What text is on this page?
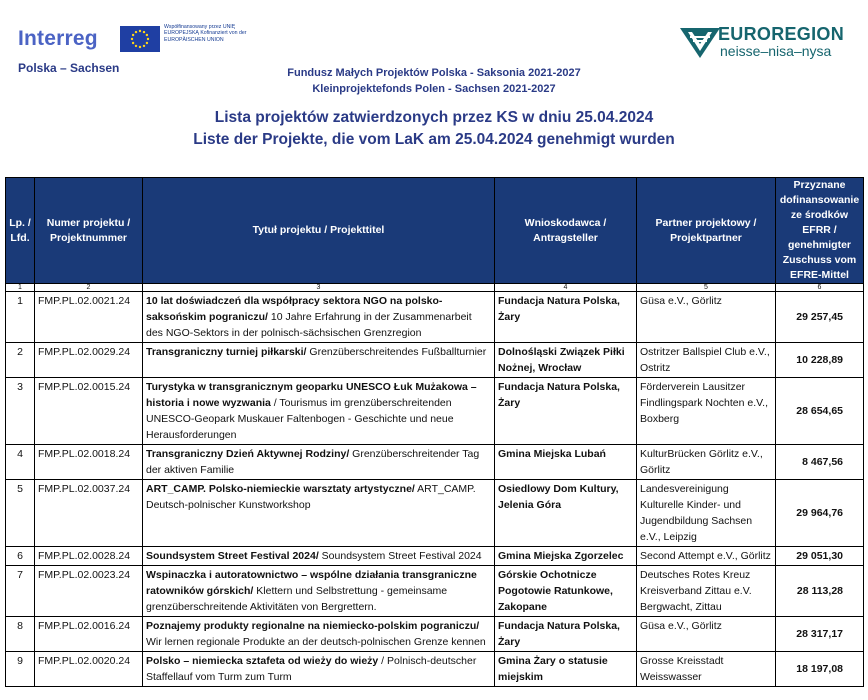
Interreg	Współfinansowany przez UNIĘ EUROPEJSKĄ Kofinanziert von der EUROPÄISCHEN UNION
Polska – Sachsen
EUROREGION
neisse–nisa–nysa
Fundusz Małych Projektów Polska - Saksonia 2021-2027
Kleinprojektefonds Polen - Sachsen 2021-2027
Lista projektów zatwierdzonych przez KS w dniu 25.04.2024
Liste der Projekte, die vom LaK am 25.04.2024 genehmigt wurden
Lp. / Lfd.	Numer projektu / Projektnummer	Tytuł projektu / Projekttitel	Wnioskodawca / Antragsteller	Partner projektowy / Projektpartner	Przyznane dofinansowanie ze środków EFRR / genehmigter Zuschuss vom EFRE-Mittel
1	2	3	4	5	6
1	FMP.PL.02.0021.24	10 lat doświadczeń dla współpracy sektora NGO na polsko-saksońskim pograniczu/ 10 Jahre Erfahrung in der Zusammenarbeit des NGO-Sektors in der polnisch-sächsischen Grenzregion	Fundacja Natura Polska, Żary	Güsa e.V., Görlitz	29 257,45
2	FMP.PL.02.0029.24	Transgraniczny turniej piłkarski/ Grenzüberschreitendes Fußballturnier	Dolnośląski Związek Piłki Nożnej, Wrocław	Ostritzer Ballspiel Club e.V., Ostritz	10 228,89
3	FMP.PL.02.0015.24	Turystyka w transgranicznym geoparku UNESCO Łuk Mużakowa – historia i nowe wyzwania / Tourismus im grenzüberschreitenden UNESCO-Geopark Muskauer Faltenbogen - Geschichte und neue Herausforderungen	Fundacja Natura Polska, Żary	Förderverein Lausitzer Findlingspark Nochten e.V., Boxberg	28 654,65
4	FMP.PL.02.0018.24	Transgraniczny Dzień Aktywnej Rodziny/ Grenzüberschreitender Tag der aktiven Familie	Gmina Miejska Lubań	KulturBrücken Görlitz e.V., Görlitz	8 467,56
5	FMP.PL.02.0037.24	ART_CAMP. Polsko-niemieckie warsztaty artystyczne/ ART_CAMP. Deutsch-polnischer Kunstworkshop	Osiedlowy Dom Kultury, Jelenia Góra	Landesvereinigung Kulturelle Kinder- und Jugendbildung Sachsen e.V., Leipzig	29 964,76
6	FMP.PL.02.0028.24	Soundsystem Street Festival 2024/ Soundsystem Street Festival 2024	Gmina Miejska Zgorzelec	Second Attempt e.V., Görlitz	29 051,30
7	FMP.PL.02.0023.24	Wspinaczka i autoratownictwo – wspólne działania transgraniczne ratowników górskich/ Klettern und Selbstrettung - gemeinsame grenzüberschreitende Aktivitäten von Bergrettern.	Górskie Ochotnicze Pogotowie Ratunkowe, Zakopane	Deutsches Rotes Kreuz Kreisverband Zittau e.V. Bergwacht, Zittau	28 113,28
8	FMP.PL.02.0016.24	Poznajemy produkty regionalne na niemiecko-polskim pograniczu/ Wir lernen regionale Produkte an der deutsch-polnischen Grenze kennen	Fundacja Natura Polska, Żary	Güsa e.V., Görlitz	28 317,17
9	FMP.PL.02.0020.24	Polsko – niemiecka sztafeta od wieży do wieży / Polnisch-deutscher Staffellauf vom Turm zum Turm	Gmina Żary o statusie miejskim	Grosse Kreisstadt Weisswasser	18 197,08
